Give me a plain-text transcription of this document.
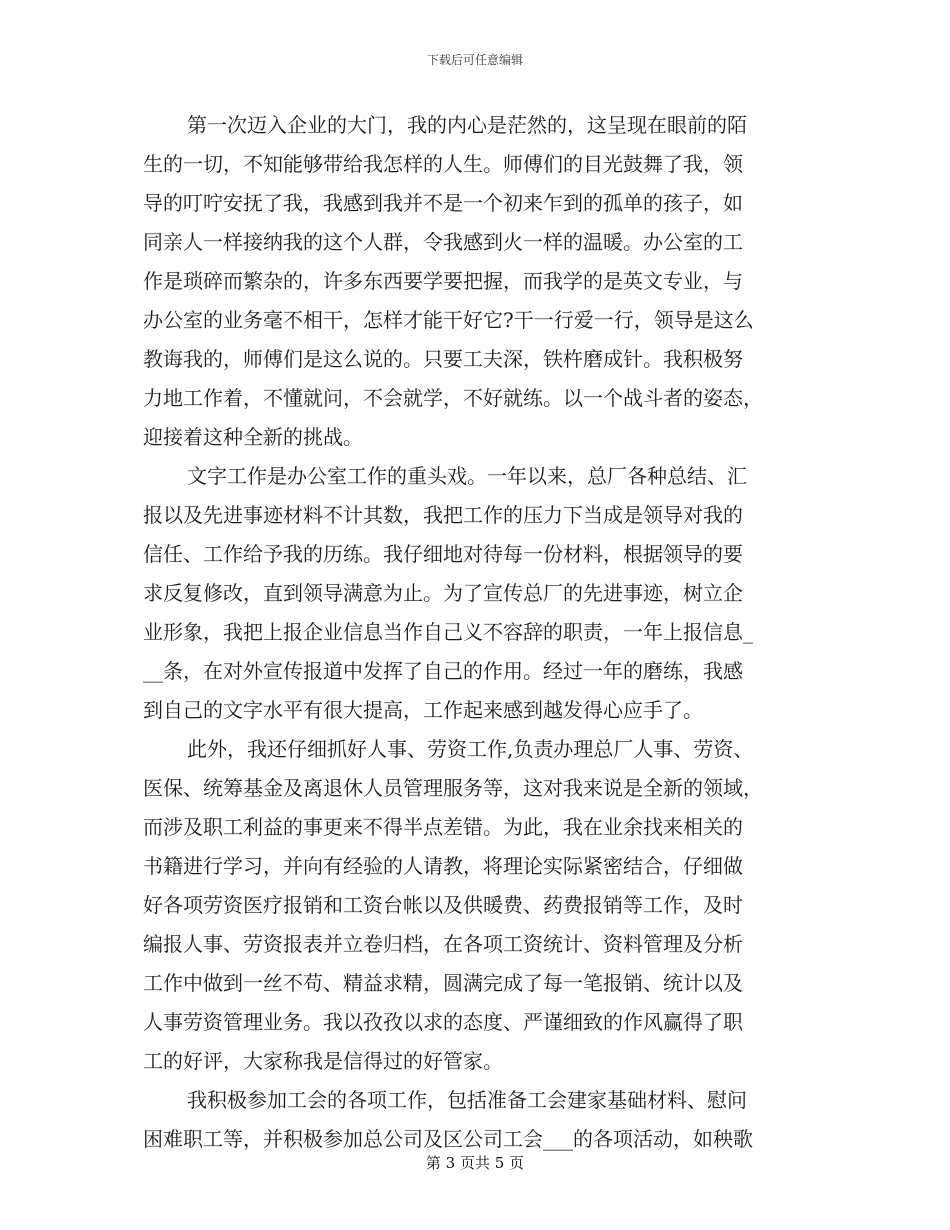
下载后可任意编辑
第一次迈入企业的大门，我的内心是茫然的，这呈现在眼前的陌
生的一切，不知能够带给我怎样的人生。师傅们的目光鼓舞了我，领
导的叮咛安抚了我，我感到我并不是一个初来乍到的孤单的孩子，如
同亲人一样接纳我的这个人群，令我感到火一样的温暖。办公室的工
作是琐碎而繁杂的，许多东西要学要把握，而我学的是英文专业，与
办公室的业务毫不相干，怎样才能干好它?干一行爱一行，领导是这么
教诲我的，师傅们是这么说的。只要工夫深，铁杵磨成针。我积极努
力地工作着，不懂就问，不会就学，不好就练。以一个战斗者的姿态，
迎接着这种全新的挑战。
文字工作是办公室工作的重头戏。一年以来，总厂各种总结、汇
报以及先进事迹材料不计其数，我把工作的压力下当成是领导对我的
信任、工作给予我的历练。我仔细地对待每一份材料，根据领导的要
求反复修改，直到领导满意为止。为了宣传总厂的先进事迹，树立企
业形象，我把上报企业信息当作自己义不容辞的职责，一年上报信息_
__条，在对外宣传报道中发挥了自己的作用。经过一年的磨练，我感
到自己的文字水平有很大提高，工作起来感到越发得心应手了。
此外，我还仔细抓好人事、劳资工作,负责办理总厂人事、劳资、
医保、统筹基金及离退休人员管理服务等，这对我来说是全新的领域，
而涉及职工利益的事更来不得半点差错。为此，我在业余找来相关的
书籍进行学习，并向有经验的人请教，将理论实际紧密结合，仔细做
好各项劳资医疗报销和工资台帐以及供暖费、药费报销等工作，及时
编报人事、劳资报表并立卷归档，在各项工资统计、资料管理及分析
工作中做到一丝不苟、精益求精，圆满完成了每一笔报销、统计以及
人事劳资管理业务。我以孜孜以求的态度、严谨细致的作风赢得了职
工的好评，大家称我是信得过的好管家。
我积极参加工会的各项工作，包括准备工会建家基础材料、慰问
困难职工等，并积极参加总公司及区公司工会___的各项活动，如秧歌
第 3 页共 5 页
